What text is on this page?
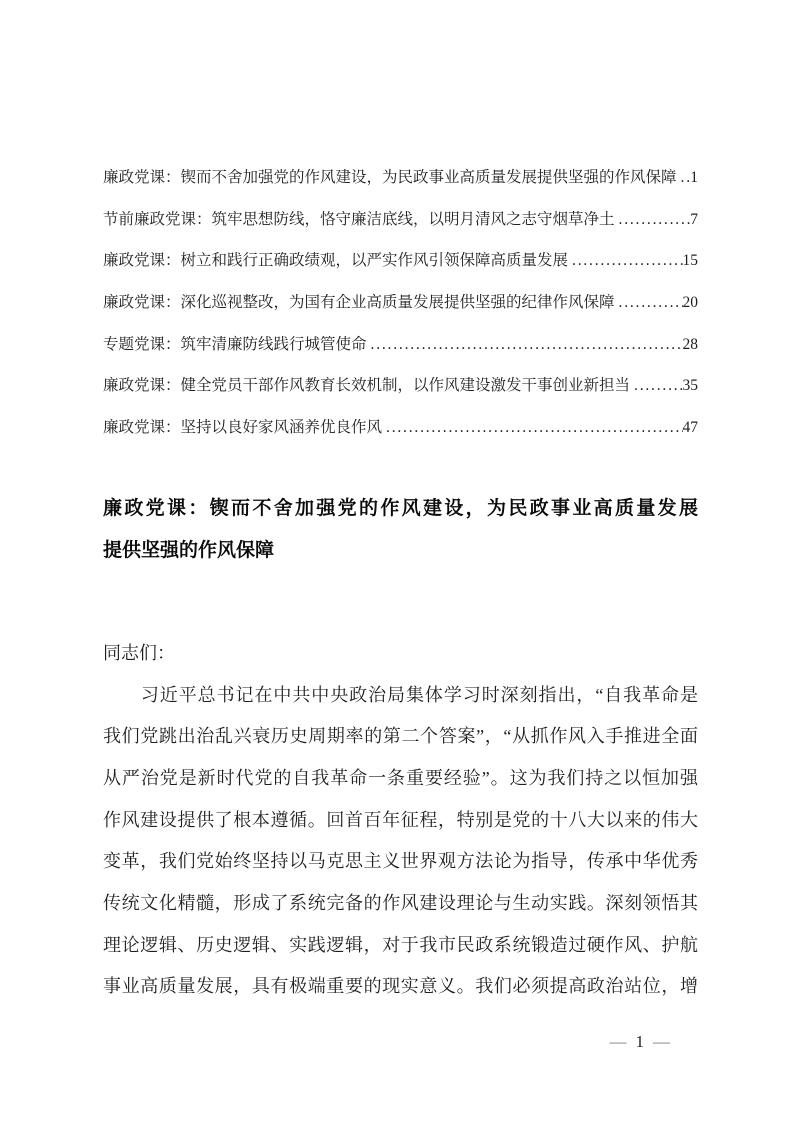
廉政党课：锲而不舍加强党的作风建设，为民政事业高质量发展提供坚强的作风保障 ..... 1
节前廉政党课：筑牢思想防线，恪守廉洁底线，以明月清风之志守烟草净土 .....	7
廉政党课：树立和践行正确政绩观，以严实作风引领保障高质量发展 .....	15
廉政党课：深化巡视整改，为国有企业高质量发展提供坚强的纪律作风保障 .....	20
专题党课：筑牢清廉防线践行城管使命 .....	28
廉政党课：健全党员干部作风教育长效机制，以作风建设激发干事创业新担当 .....	35
廉政党课：坚持以良好家风涵养优良作风 .....	47
廉政党课：锲而不舍加强党的作风建设，为民政事业高质量发展
提供坚强的作风保障
同志们：
　　习近平总书记在中共中央政治局集体学习时深刻指出，“自我革命是
我们党跳出治乱兴衰历史周期率的第二个答案”，“从抓作风入手推进全面
从严治党是新时代党的自我革命一条重要经验”。这为我们持之以恒加强
作风建设提供了根本遵循。回首百年征程，特别是党的十八大以来的伟大
变革，我们党始终坚持以马克思主义世界观方法论为指导，传承中华优秀
传统文化精髓，形成了系统完备的作风建设理论与生动实践。深刻领悟其
理论逻辑、历史逻辑、实践逻辑，对于我市民政系统锻造过硬作风、护航
事业高质量发展，具有极端重要的现实意义。我们必须提高政治站位，增
— 1 —
